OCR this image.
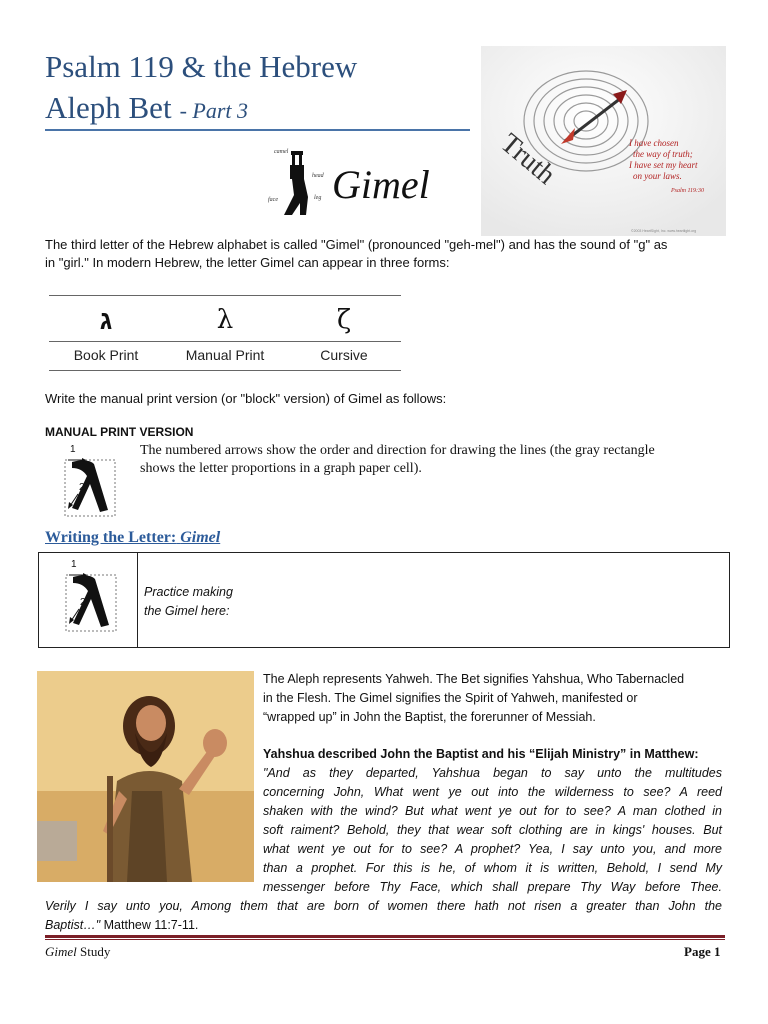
Psalm 119 & the Hebrew
Aleph Bet - Part 3
Truth	I have chosen
the way of truth;
I have set my heart
on your laws.
Psalm 119:30
©2003 HeartSight, Inc. www.heartlight.org
camel
head
face	leg Gimel
The third letter of the Hebrew alphabet is called "Gimel" (pronounced "geh-mel") and has the sound of "g" as
in "girl." In modern Hebrew, the letter Gimel can appear in three forms:
ג	λ	ζ
Book Print	Manual Print	Cursive
Write the manual print version (or "block" version) of Gimel as follows:
MANUAL PRINT VERSION
1
2
The numbered arrows show the order and direction for drawing the lines (the gray rectangle
shows the letter proportions in a graph paper cell).
Writing the Letter: Gimel
1
2
Practice making
the Gimel here:
The Aleph represents Yahweh. The Bet signifies Yahshua, Who Tabernacled
in the Flesh. The Gimel signifies the Spirit of Yahweh, manifested or
“wrapped up” in John the Baptist, the forerunner of Messiah.
Yahshua described John the Baptist and his “Elijah Ministry” in Matthew:
"And as they departed, Yahshua began to say unto the multitudes
concerning John, What went ye out into the wilderness to see? A reed
shaken with the wind? But what went ye out for to see? A man clothed in
soft raiment? Behold, they that wear soft clothing are in kings' houses. But
what went ye out for to see? A prophet? Yea, I say unto you, and more
than a prophet. For this is he, of whom it is written, Behold, I send My
messenger before Thy Face, which shall prepare Thy Way before Thee.
Verily I say unto you, Among them that are born of women there hath not risen a greater than John the
Baptist…" Matthew 11:7-11.
Gimel Study	Page 1
